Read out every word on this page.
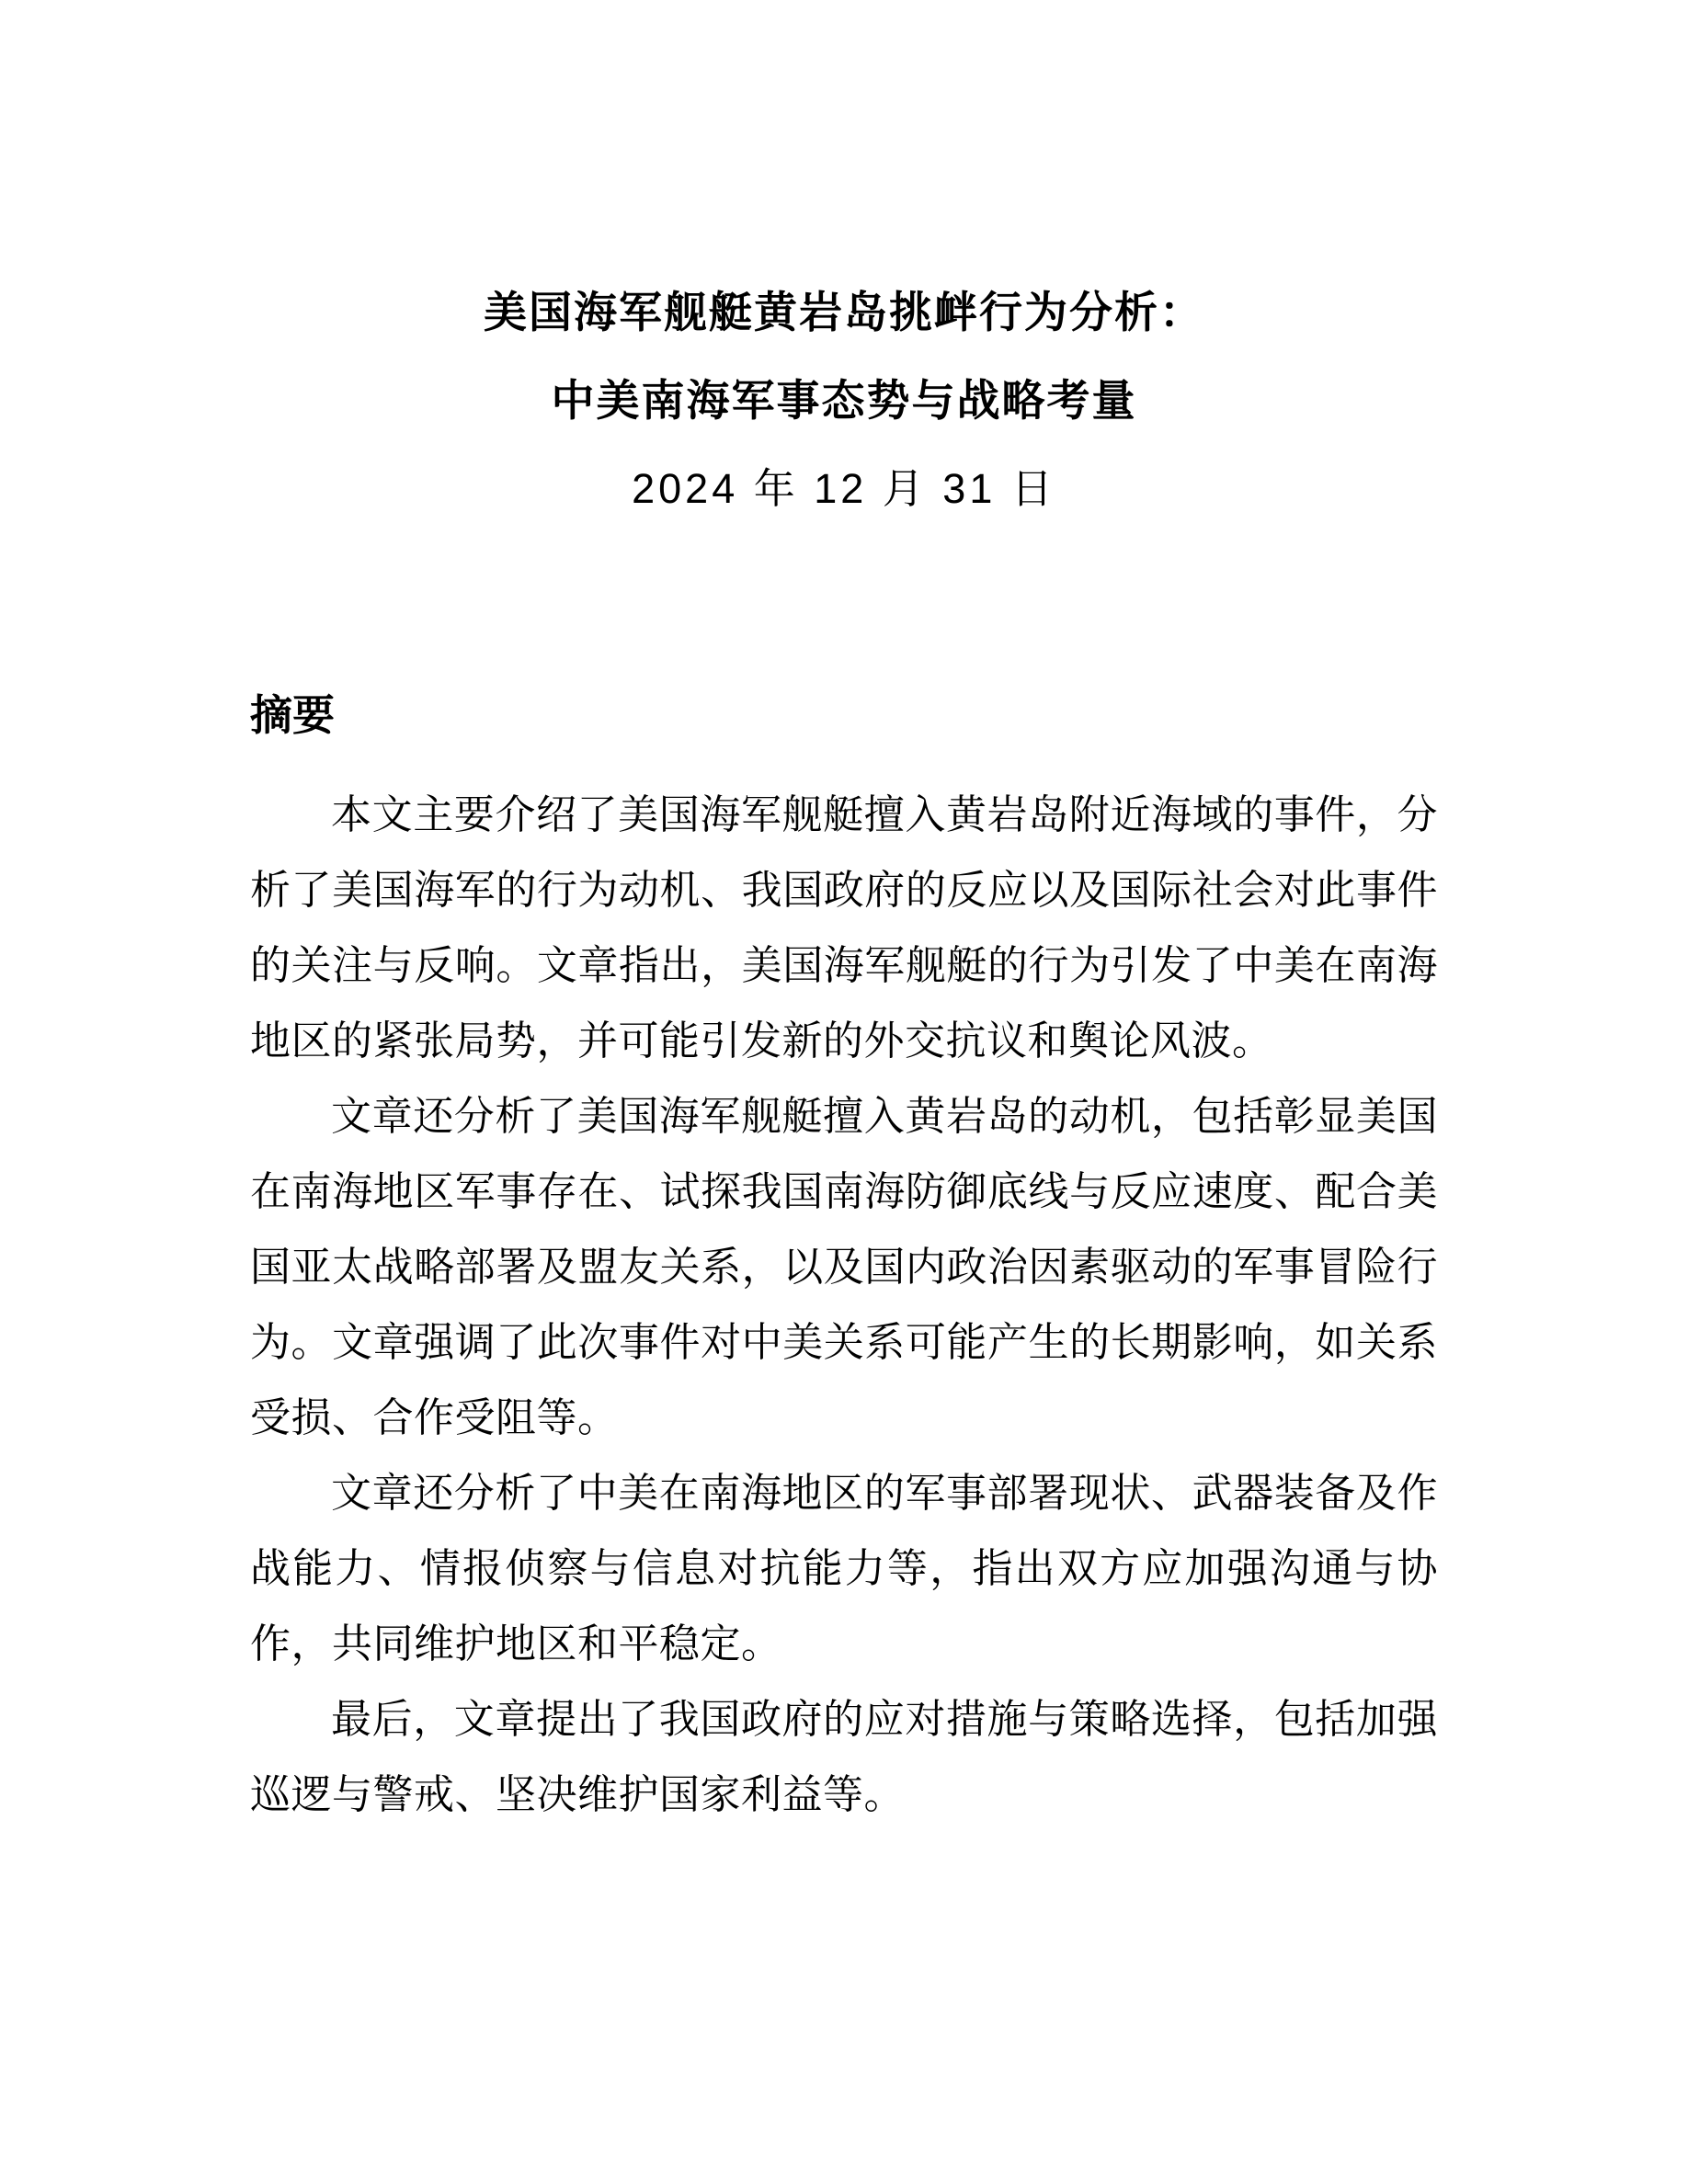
美国海军舰艇黄岩岛挑衅行为分析：
中美南海军事态势与战略考量
2024 年 12 月 31 日
摘要

本文主要介绍了美国海军舰艇擅入黄岩岛附近海域的事件，分析了美国海军的行为动机、我国政府的反应以及国际社会对此事件的关注与反响。文章指出，美国海军舰艇的行为引发了中美在南海地区的紧张局势，并可能引发新的外交抗议和舆论风波。

文章还分析了美国海军舰艇擅入黄岩岛的动机，包括彰显美国在南海地区军事存在、试探我国南海防御底线与反应速度、配合美国亚太战略部署及盟友关系，以及国内政治因素驱动的军事冒险行为。文章强调了此次事件对中美关系可能产生的长期影响，如关系受损、合作受阻等。

文章还分析了中美在南海地区的军事部署现状、武器装备及作战能力、情报侦察与信息对抗能力等，指出双方应加强沟通与协作，共同维护地区和平稳定。

最后，文章提出了我国政府的应对措施与策略选择，包括加强巡逻与警戒、坚决维护国家利益等。
